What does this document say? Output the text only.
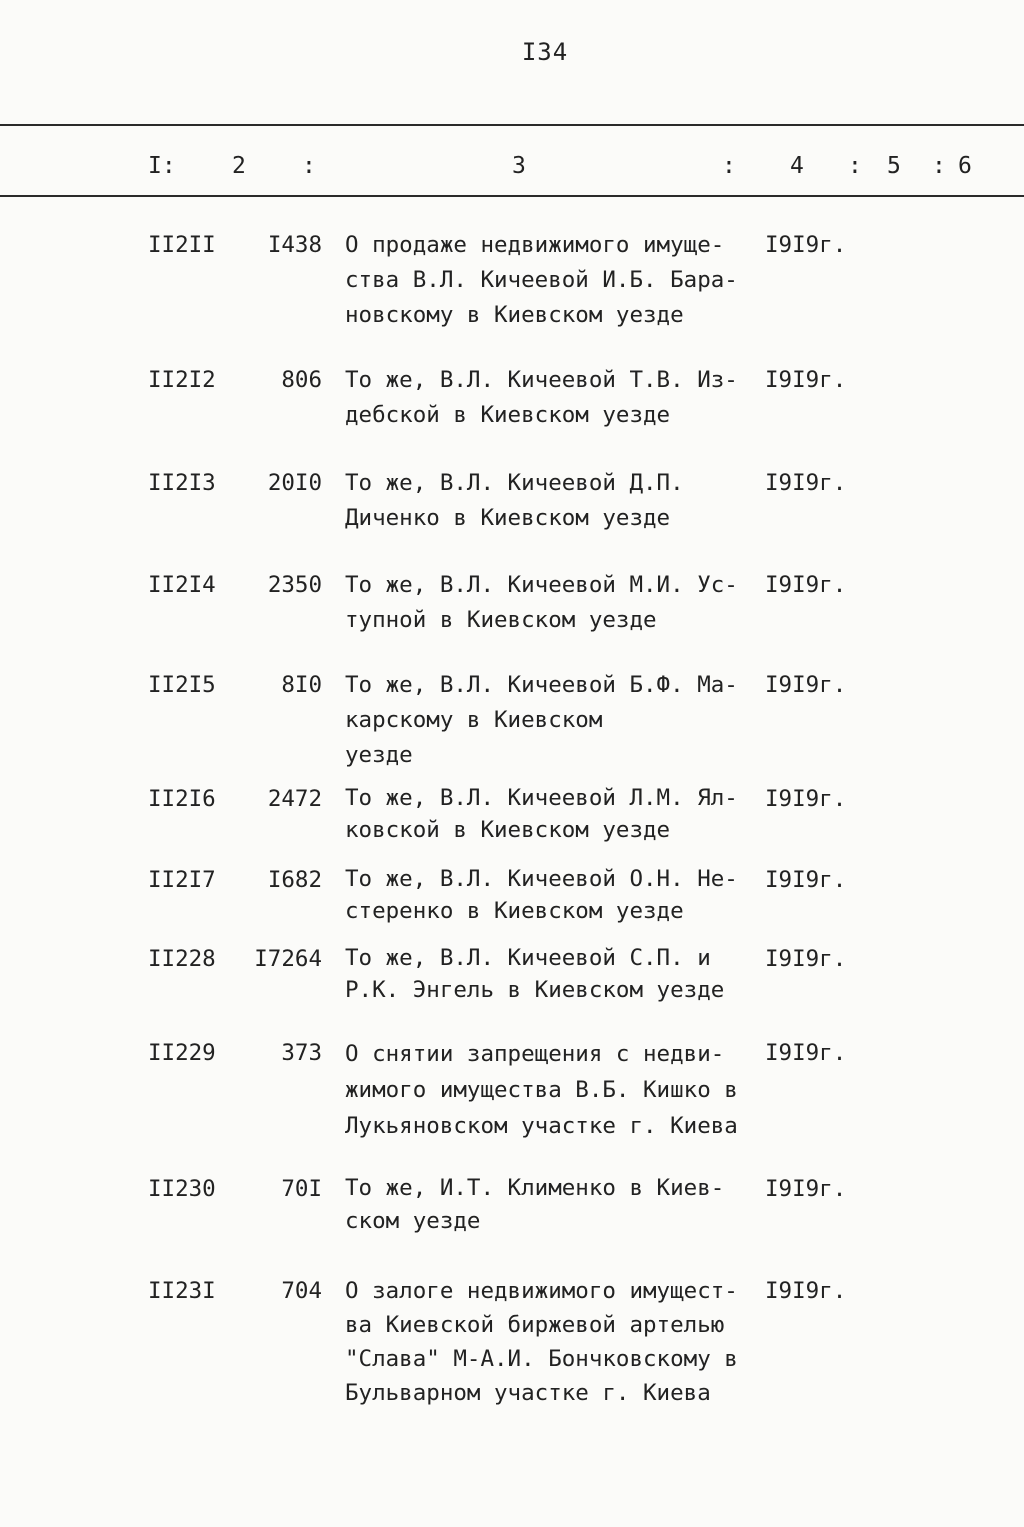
I34
I: 2 :	3	: 4 : 5 : 6
II2II	I438 О продаже недвижимого имуще-
ства В.Л. Кичеевой И.Б. Бара-
новскому в Киевском уезде
I9I9г.
II2I2	806 То же, В.Л. Кичеевой Т.В. Из-
дебской в Киевском уезде
I9I9г.
II2I3	20I0 То же, В.Л. Кичеевой Д.П.
Диченко в Киевском уезде
I9I9г.
II2I4	2350 То же, В.Л. Кичеевой М.И. Ус-
тупной в Киевском уезде
I9I9г.
II2I5	8I0 То же, В.Л. Кичеевой Б.Ф. Ма-
карскому в Киевском
уезде
I9I9г.
II2I6	2472 То же, В.Л. Кичеевой Л.М. Ял-
ковской в Киевском уезде
I9I9г.
II2I7	I682 То же, В.Л. Кичеевой О.Н. Не-
стеренко в Киевском уезде
I9I9г.
II228	I7264 То же, В.Л. Кичеевой С.П. и
Р.К. Энгель в Киевском уезде
I9I9г.
II229	373 О снятии запрещения с недви-
жимого имущества В.Б. Кишко в
Лукьяновском участке г. Киева
I9I9г.
II230	70I То же, И.Т. Клименко в Киев-
ском уезде
I9I9г.
II23I	704 О залоге недвижимого имущест-
ва Киевской биржевой артелью
"Слава" М-А.И. Бончковскому в
Бульварном участке г. Киева
I9I9г.
